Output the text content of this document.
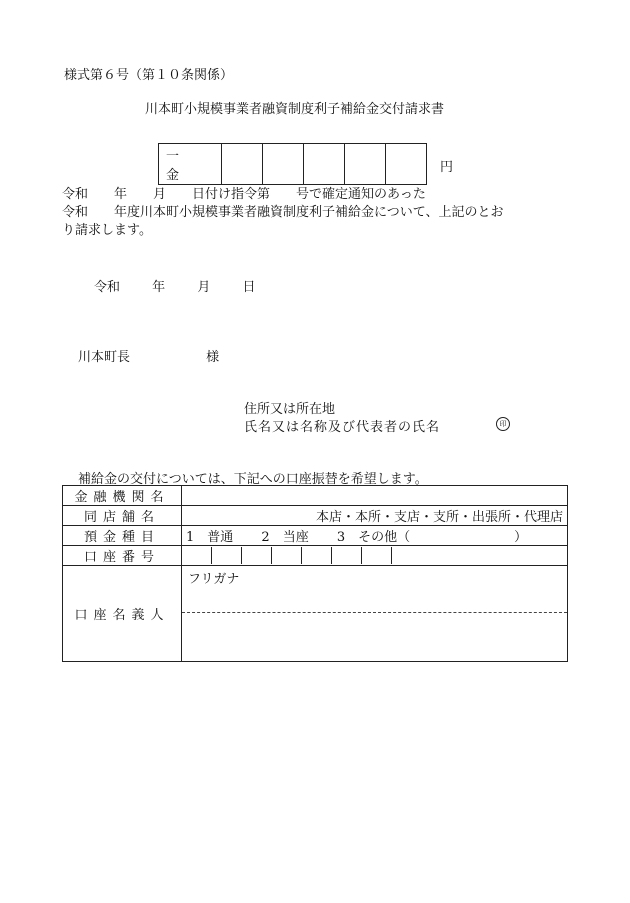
様式第６号（第１０条関係）
川本町小規模事業者融資制度利子補給金交付請求書
一　金
円
令和　　年　　月　　日付け指令第　　号で確定通知のあった
令和　　年度川本町小規模事業者融資制度利子補給金について、上記のとお
り請求します。
令和 年 月 日
川本町長	様
住所又は所在地
氏名又は名称及び代表者の氏名	印
補給金の交付については、下記への口座振替を希望します。
金融機関名	
同店舗名	本店・本所・支店・支所・出張所・代理店
預金種目	1　普通 2　当座 3　その他（　　　　　　　　）
口座番号	

口座名義人	フリガナ
